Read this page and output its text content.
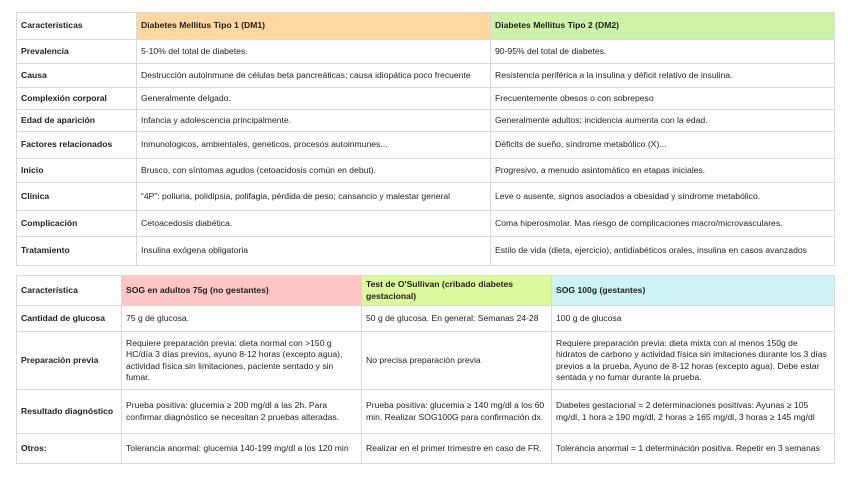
Características	Diabetes Mellitus Tipo 1 (DM1)	Diabetes Mellitus Tipo 2 (DM2)
Prevalencia	5-10% del total de diabetes.	90-95% del total de diabetes.
Causa	Destrucción autoinmune de células beta pancreáticas; causa idiopática poco frecuente	Resistencia periférica a la insulina y déficit relativo de insulina.
Complexión corporal	Generalmente delgado.	Frecuentemente obesos o con sobrepeso
Edad de aparición	Infancia y adolescencia principalmente.	Generalmente adultos; incidencia aumenta con la edad.
Factores relacionados	Inmunologicos, ambientales, geneticos, procesos autoinmunes...	Déficits de sueño, síndrome metabólico (X)...
Inicio	Brusco, con síntomas agudos (cetoacidosis común en debut).	Progresivo, a menudo asintomático en etapas iniciales.
Clínica	“4P”: poliuria, polidipsia, polifagia, pérdida de peso; cansancio y malestar general	Leve o ausente, signos asociados a obesidad y síndrome metabólico.
Complicación	Cetoacedosis diabética.	Coma hiperosmolar. Mas riesgo de complicaciones macro/microvasculares.
Tratamiento	Insulina exógena obligatoria	Estilo de vida (dieta, ejercicio), antidiabéticos orales, insulina en casos avanzados
Característica	SOG en adultos 75g (no gestantes)	Test de O'Sullivan (cribado diabetes gestacional)	SOG 100g (gestantes)
Cantidad de glucosa	75 g de glucosa.	50 g de glucosa. En general: Semanas 24-28	100 g de glucosa
Preparación previa	Requiere preparación previa: dieta normal con >150 g HC/día 3 días previos, ayuno 8-12 horas (excepto agua), actividad física sin limitaciones, paciente sentado y sin fumar.	No precisa preparación previa	Requiere preparación previa: dieta mixta con al menos 150g de hidratos de carbono y actividad física sin imitaciones durante los 3 días previos a la prueba, Ayuno de 8-12 horas (excepto agua). Debe estar sentada y no fumar durante la prueba.
Resultado diagnóstico	Prueba positiva: glucemia ≥ 200 mg/dl a las 2h. Para confirmar diagnóstico se necesitan 2 pruebas alteradas.	Prueba positiva: glucemia ≥ 140 mg/dl a los 60 min. Realizar SOG100G para confirmación dx.	Diabetes gestacional = 2 determinaciones positivas: Ayunas ≥ 105 mg/dl, 1 hora ≥ 190 mg/dl, 2 horas ≥ 165 mg/dl, 3 horas ≥ 145 mg/dl
Otros:	Tolerancia anormal: glucemia 140-199 mg/dl a los 120 min	Realizar en el primer trimestre en caso de FR.	Tolerancia anormal = 1 determinación positiva. Repetir en 3 semanas
